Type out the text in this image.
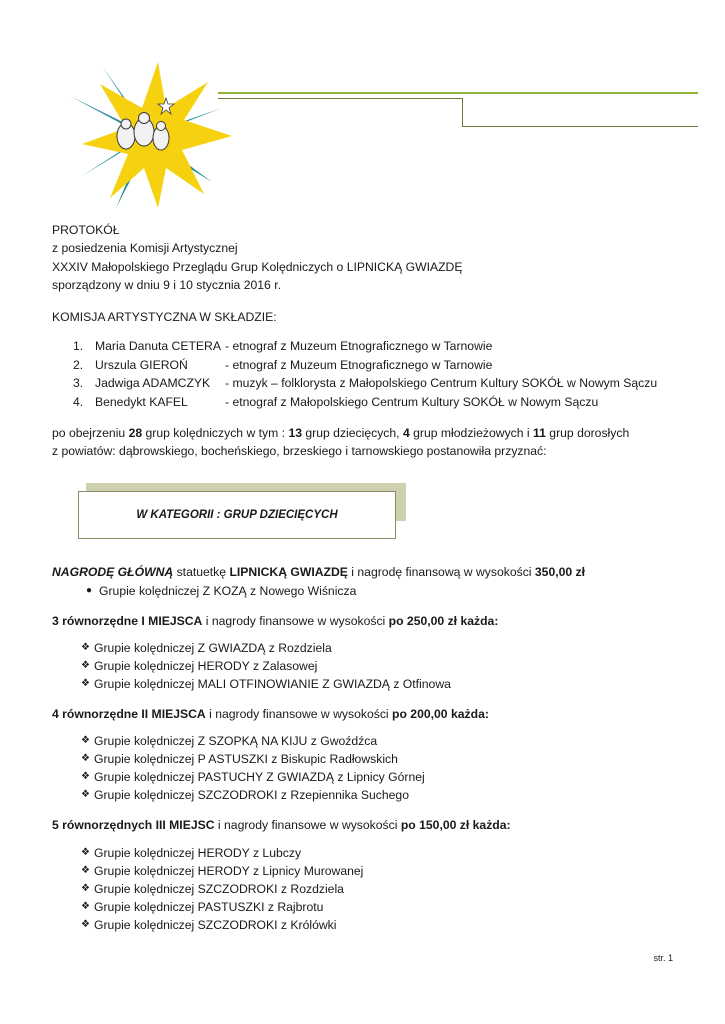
PROTOKÓŁ
z posiedzenia Komisji Artystycznej
XXXIV Małopolskiego Przeglądu Grup Kolędniczych o LIPNICKĄ GWIAZDĘ
sporządzony w dniu 9 i 10 stycznia 2016 r.
KOMISJA ARTYSTYCZNA W SKŁADZIE:
1. Maria Danuta CETERA - etnograf z Muzeum Etnograficznego w Tarnowie
2. Urszula GIEROŃ	- etnograf z Muzeum Etnograficznego w Tarnowie
3. Jadwiga ADAMCZYK	- muzyk – folklorysta z Małopolskiego Centrum Kultury SOKÓŁ w Nowym Sączu
4. Benedykt KAFEL	- etnograf z Małopolskiego Centrum Kultury SOKÓŁ w Nowym Sączu
po obejrzeniu 28 grup kolędniczych w tym : 13 grup dziecięcych, 4 grup młodzieżowych i 11 grup dorosłych
z powiatów: dąbrowskiego, bocheńskiego, brzeskiego i tarnowskiego postanowiła przyznać:
W KATEGORII : GRUP DZIECIĘCYCH
NAGRODĘ GŁÓWNĄ statuetkę LIPNICKĄ GWIAZDĘ i nagrodę finansową w wysokości 350,00 zł
● Grupie kolędniczej Z KOZĄ z Nowego Wiśnicza
3 równorzędne I MIEJSCA i nagrody finansowe w wysokości po 250,00 zł każda:
❖ Grupie kolędniczej Z GWIAZDĄ z Rozdziela
❖ Grupie kolędniczej HERODY z Zalasowej
❖ Grupie kolędniczej MALI OTFINOWIANIE Z GWIAZDĄ z Otfinowa
4 równorzędne II MIEJSCA i nagrody finansowe w wysokości po 200,00 każda:
❖ Grupie kolędniczej Z SZOPKĄ NA KIJU z Gwoźdźca
❖ Grupie kolędniczej P ASTUSZKI z Biskupic Radłowskich
❖ Grupie kolędniczej PASTUCHY Z GWIAZDĄ z Lipnicy Górnej
❖ Grupie kolędniczej SZCZODROKI z Rzepiennika Suchego
5 równorzędnych III MIEJSC i nagrody finansowe w wysokości po 150,00 zł każda:
❖ Grupie kolędniczej HERODY z Lubczy
❖ Grupie kolędniczej HERODY z Lipnicy Murowanej
❖ Grupie kolędniczej SZCZODROKI z Rozdziela
❖ Grupie kolędniczej PASTUSZKI z Rajbrotu
❖ Grupie kolędniczej SZCZODROKI z Królówki
str. 1
